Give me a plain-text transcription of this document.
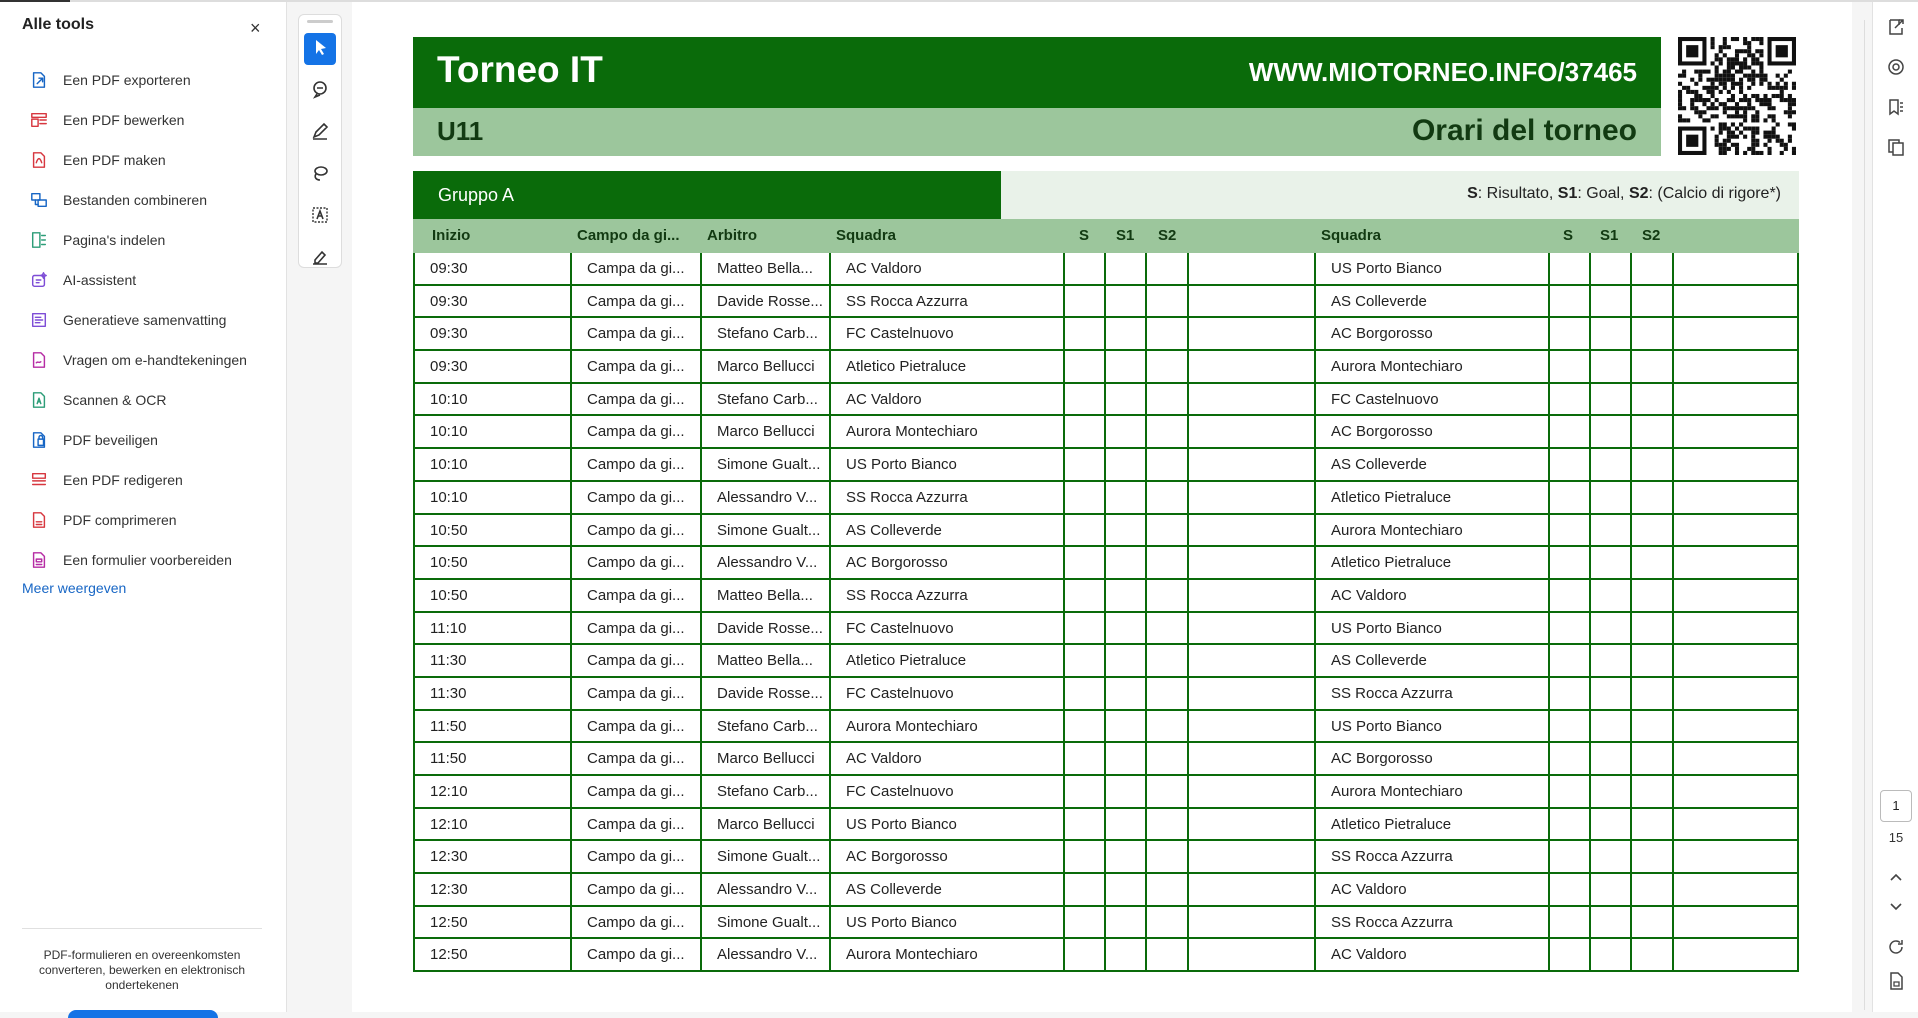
Alle tools	×
Een PDF exporteren
Een PDF bewerken
Een PDF maken
Bestanden combineren
Pagina's indelen
AI-assistent
Generatieve samenvatting
Vragen om e-handtekeningen
Scannen & OCR
PDF beveiligen
Een PDF redigeren
PDF comprimeren
Een formulier voorbereiden
Meer weergeven
PDF-formulieren en overeenkomsten converteren, bewerken en elektronisch ondertekenen
Torneo IT	WWW.MIOTORNEO.INFO/37465
U11	Orari del torneo
Gruppo A	S: Risultato, S1: Goal, S2: (Calcio di rigore*)
Inizio	Campo da gi... Arbitro	Squadra	S S1 S2	Squadra	S S1 S2
09:30	Campa da gi...	Matteo Bella...	AC Valdoro	US Porto Bianco
09:30	Campa da gi...	Davide Rosse...	SS Rocca Azzurra	AS Colleverde
09:30	Campa da gi...	Stefano Carb...	FC Castelnuovo	AC Borgorosso
09:30	Campa da gi...	Marco Bellucci	Atletico Pietraluce	Aurora Montechiaro
10:10	Campa da gi...	Stefano Carb...	AC Valdoro	FC Castelnuovo
10:10	Campa da gi...	Marco Bellucci	Aurora Montechiaro	AC Borgorosso
10:10	Campo da gi...	Simone Gualt...	US Porto Bianco	AS Colleverde
10:10	Campo da gi...	Alessandro V...	SS Rocca Azzurra	Atletico Pietraluce
10:50	Campo da gi...	Simone Gualt...	AS Colleverde	Aurora Montechiaro
10:50	Campo da gi...	Alessandro V...	AC Borgorosso	Atletico Pietraluce
10:50	Campa da gi...	Matteo Bella...	SS Rocca Azzurra	AC Valdoro
11:10	Campa da gi...	Davide Rosse...	FC Castelnuovo	US Porto Bianco
11:30	Campa da gi...	Matteo Bella...	Atletico Pietraluce	AS Colleverde
11:30	Campa da gi...	Davide Rosse...	FC Castelnuovo	SS Rocca Azzurra
11:50	Campa da gi...	Stefano Carb...	Aurora Montechiaro	US Porto Bianco
11:50	Campa da gi...	Marco Bellucci	AC Valdoro	AC Borgorosso
12:10	Campa da gi...	Stefano Carb...	FC Castelnuovo	Aurora Montechiaro
12:10	Campa da gi...	Marco Bellucci	US Porto Bianco	Atletico Pietraluce
12:30	Campo da gi...	Simone Gualt...	AC Borgorosso	SS Rocca Azzurra
12:30	Campo da gi...	Alessandro V...	AS Colleverde	AC Valdoro
12:50	Campo da gi...	Simone Gualt...	US Porto Bianco	SS Rocca Azzurra
12:50	Campo da gi...	Alessandro V...	Aurora Montechiaro	AC Valdoro
1
15
